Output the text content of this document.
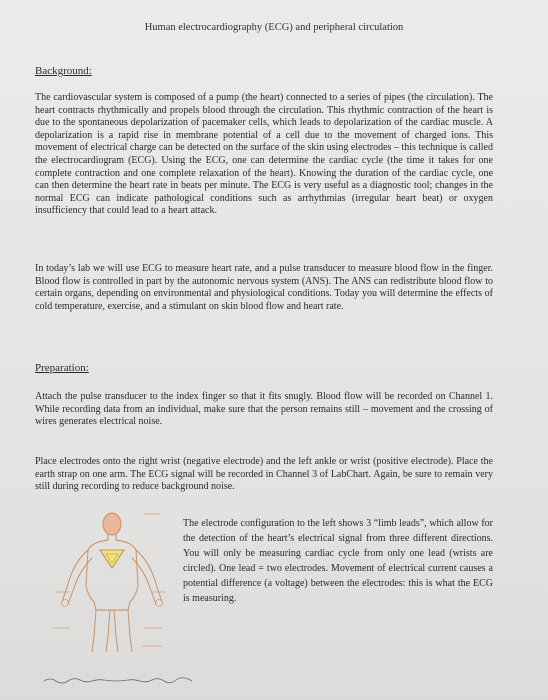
Human electrocardiography (ECG) and peripheral circulation
Background:

The cardiovascular system is composed of a pump (the heart) connected to a series of pipes (the circulation). The heart contracts rhythmically and propels blood through the circulation. This rhythmic contraction of the heart is due to the spontaneous depolarization of pacemaker cells, which leads to depolarization of the cardiac muscle. A depolarization is a rapid rise in membrane potential of a cell due to the movement of charged ions. This movement of electrical charge can be detected on the surface of the skin using electrodes – this technique is called the electrocardiogram (ECG). Using the ECG, one can determine the cardiac cycle (the time it takes for one complete contraction and one complete relaxation of the heart). Knowing the duration of the cardiac cycle, one can then determine the heart rate in beats per minute. The ECG is very useful as a diagnostic tool; changes in the normal ECG can indicate pathological conditions such as arrhythmias (irregular heart beat) or oxygen insufficiency that could lead to a heart attack.

In today’s lab we will use ECG to measure heart rate, and a pulse transducer to measure blood flow in the finger. Blood flow is controlled in part by the autonomic nervous system (ANS). The ANS can redistribute blood flow to certain organs, depending on environmental and physiological conditions. Today you will determine the effects of cold temperature, exercise, and a stimulant on skin blood flow and heart rate.

Preparation:

Attach the pulse transducer to the index finger so that it fits snugly. Blood flow will be recorded on Channel 1. While recording data from an individual, make sure that the person remains still – movement and the crossing of wires generates electrical noise.

Place electrodes onto the right wrist (negative electrode) and the left ankle or wrist (positive electrode). Place the earth strap on one arm. The ECG signal will be recorded in Channel 3 of LabChart. Again, be sure to remain very still during recording to reduce background noise.

The electrode configuration to the left shows 3 “limb leads”, which allow for the detection of the heart’s electrical signal from three different directions. You will only be measuring cardiac cycle from only one lead (wrists are circled). One lead = two electrodes. Movement of electrical current causes a potential difference (a voltage) between the electrodes: this is what the ECG is measuring.
